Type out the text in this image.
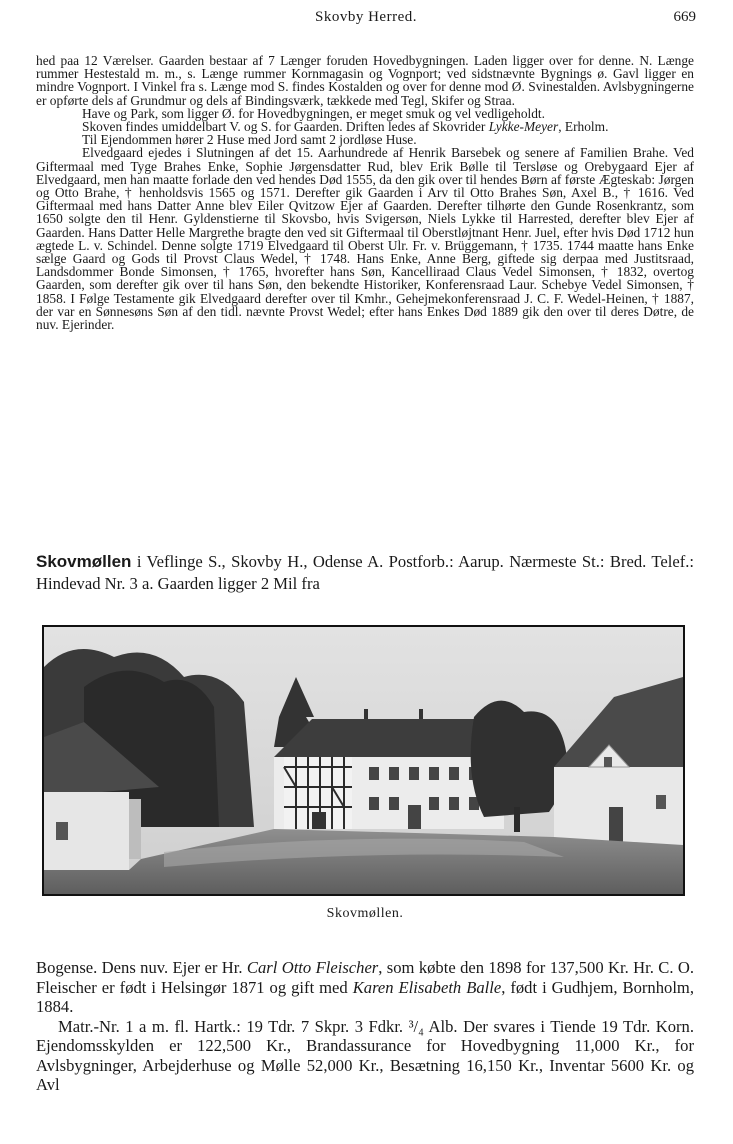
Skovby Herred.	669

hed paa 12 Værelser. Gaarden bestaar af 7 Længer foruden Hovedbygningen. Laden ligger over for denne. N. Længe rummer Hestestald m. m., s. Længe rummer Kornmagasin og Vognport; ved sidstnævnte Bygnings ø. Gavl ligger en mindre Vognport. I Vinkel fra s. Længe mod S. findes Kostalden og over for denne mod Ø. Svinestalden. Avlsbygningerne er opførte dels af Grundmur og dels af Bindingsværk, tækkede med Tegl, Skifer og Straa.

Have og Park, som ligger Ø. for Hovedbygningen, er meget smuk og vel vedligeholdt.

Skoven findes umiddelbart V. og S. for Gaarden. Driften ledes af Skovrider Lykke-Meyer, Erholm.

Til Ejendommen hører 2 Huse med Jord samt 2 jordløse Huse.

Elvedgaard ejedes i Slutningen af det 15. Aarhundrede af Henrik Barsebek og senere af Familien Brahe. Ved Giftermaal med Tyge Brahes Enke, Sophie Jørgensdatter Rud, blev Erik Bølle til Tersløse og Orebygaard Ejer af Elvedgaard, men han maatte forlade den ved hendes Død 1555, da den gik over til hendes Børn af første Ægteskab: Jørgen og Otto Brahe, † henholdsvis 1565 og 1571. Derefter gik Gaarden i Arv til Otto Brahes Søn, Axel B., † 1616. Ved Giftermaal med hans Datter Anne blev Eiler Qvitzow Ejer af Gaarden. Derefter tilhørte den Gunde Rosenkrantz, som 1650 solgte den til Henr. Gyldenstierne til Skovsbo, hvis Svigersøn, Niels Lykke til Harrested, derefter blev Ejer af Gaarden. Hans Datter Helle Margrethe bragte den ved sit Giftermaal til Oberstløjtnant Henr. Juel, efter hvis Død 1712 hun ægtede L. v. Schindel. Denne solgte 1719 Elvedgaard til Oberst Ulr. Fr. v. Brüggemann, † 1735. 1744 maatte hans Enke sælge Gaard og Gods til Provst Claus Wedel, † 1748. Hans Enke, Anne Berg, giftede sig derpaa med Justitsraad, Landsdommer Bonde Simonsen, † 1765, hvorefter hans Søn, Kancelliraad Claus Vedel Simonsen, † 1832, overtog Gaarden, som derefter gik over til hans Søn, den bekendte Historiker, Konferensraad Laur. Schebye Vedel Simonsen, † 1858. I Følge Testamente gik Elvedgaard derefter over til Kmhr., Gehejmekonferensraad J. C. F. Wedel-Heinen, † 1887, der var en Sønnesøns Søn af den tidl. nævnte Provst Wedel; efter hans Enkes Død 1889 gik den over til deres Døtre, de nuv. Ejerinder.

Skovmøllen i Veflinge S., Skovby H., Odense A. Postforb.: Aarup. Nærmeste St.: Bred. Telef.: Hindevad Nr. 3 a. Gaarden ligger 2 Mil fra

Skovmøllen.

Bogense. Dens nuv. Ejer er Hr. Carl Otto Fleischer, som købte den 1898 for 137,500 Kr. Hr. C. O. Fleischer er født i Helsingør 1871 og gift med Karen Elisabeth Balle, født i Gudhjem, Bornholm, 1884.

Matr.-Nr. 1 a m. fl. Hartk.: 19 Tdr. 7 Skpr. 3 Fdkr. ³/₄ Alb. Der svares i Tiende 19 Tdr. Korn. Ejendomsskylden er 122,500 Kr., Brandassurance for Hovedbygning 11,000 Kr., for Avlsbygninger, Arbejderhuse og Mølle 52,000 Kr., Besætning 16,150 Kr., Inventar 5600 Kr. og Avl
